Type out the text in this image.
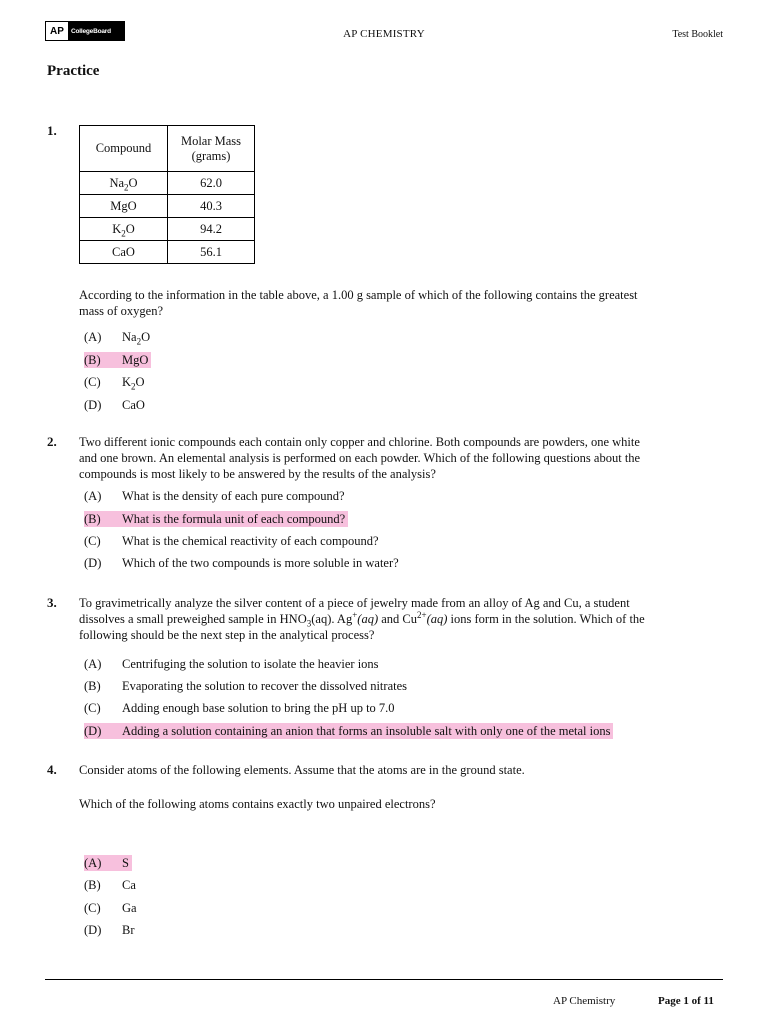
AP	CollegeBoard	AP CHEMISTRY	Test Booklet
Practice
1.
Compound	Molar Mass (grams)
$Na_2O$	62.0
MgO	40.3
$K_2O$	94.2
CaO	56.1
According to the information in the table above, a 1.00 g sample of which of the following contains the greatest
mass of oxygen?
(A) $Na_2O$
(B) MgO
(C) $K_2O$
(D) CaO
2. Two different ionic compounds each contain only copper and chlorine. Both compounds are powders, one white
and one brown. An elemental analysis is performed on each powder. Which of the following questions about the
compounds is most likely to be answered by the results of the analysis?
(A) What is the density of each pure compound?
(B) What is the formula unit of each compound?
(C) What is the chemical reactivity of each compound?
(D) Which of the two compounds is more soluble in water?
3. To gravimetrically analyze the silver content of a piece of jewelry made from an alloy of Ag and Cu, a student
dissolves a small preweighed sample in $HNO_3(aq)$. Ag+(aq) and $Cu^{2+}(aq)$ ions form in the solution. Which of the
following should be the next step in the analytical process?
(A) Centrifuging the solution to isolate the heavier ions
(B) Evaporating the solution to recover the dissolved nitrates
(C) Adding enough base solution to bring the pH up to 7.0
(D) Adding a solution containing an anion that forms an insoluble salt with only one of the metal ions
4. Consider atoms of the following elements. Assume that the atoms are in the ground state.
Which of the following atoms contains exactly two unpaired electrons?
(A) S
(B) Ca
(C) Ga
(D) Br
AP Chemistry	Page 1 of 11
